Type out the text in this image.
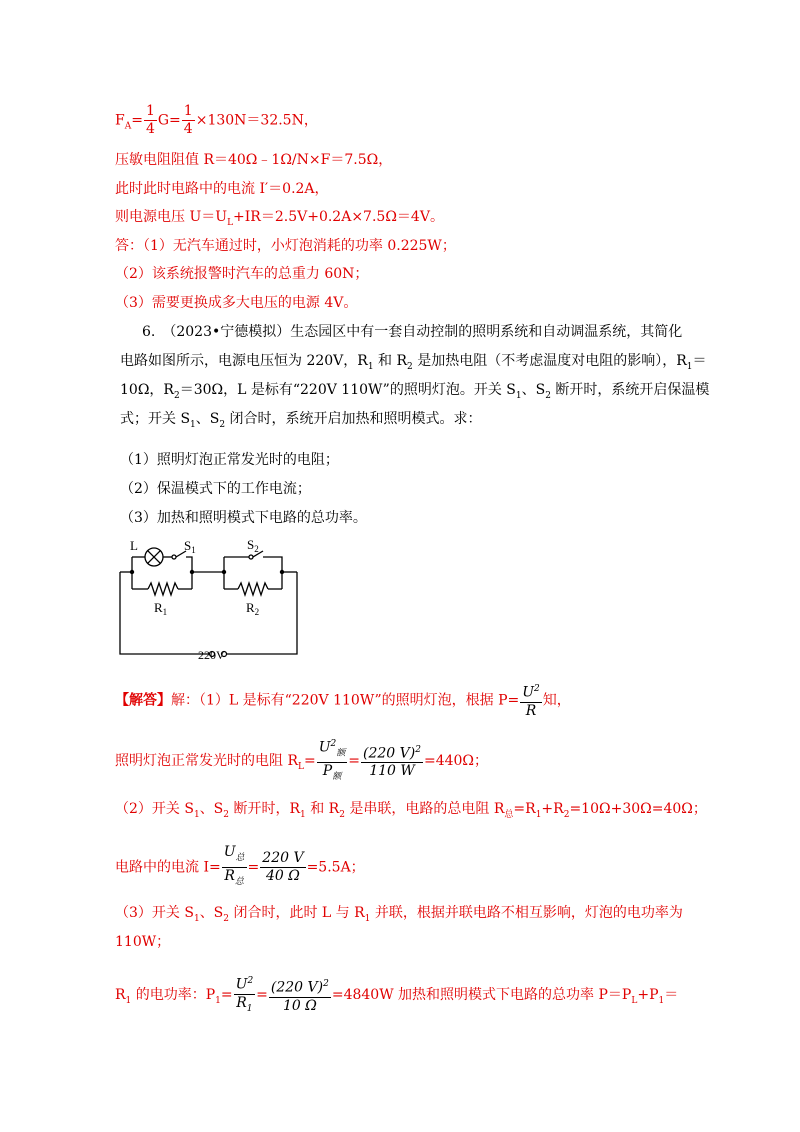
$F_A= \frac{1}{4} G= \frac{1}{4} \times 130N=32.5N$，
压敏电阻阻值 R＝40Ω﹣1Ω/N×F＝7.5Ω，
此时此时电路中的电流 I′＝0.2A，
则电源电压 $U=U_L+IR=2.5V+0.2A\times 7.5\Omega=4V$。
答：（1）无汽车通过时，小灯泡消耗的功率 0.225W；
（2）该系统报警时汽车的总重力 60N；
（3）需要更换成多大电压的电源 4V。
6.　（2023•宁德模拟）生态园区中有一套自动控制的照明系统和自动调温系统，其简化
电路如图所示，电源电压恒为 220V，$R_1$ 和 $R_2$ 是加热电阻（不考虑温度对电阻的影响），$R_1=$
10Ω，$R_2=30\Omega$，L 是标有“220V 110W”的照明灯泡。开关 $S_1$、$S_2$ 断开时，系统开启保温模
式；开关 $S_1$、$S_2$ 闭合时，系统开启加热和照明模式。求：
（1）照明灯泡正常发光时的电阻；
（2）保温模式下的工作电流；
（3）加热和照明模式下电路的总功率。
L	$S_1$	$S_2$
$R_1$	$R_2$
220V
【解答】解：（1）L 是标有“220V 110W”的照明灯泡，根据 $P= \frac{U^2}{R}$ 知，
照明灯泡正常发光时的电阻 $R_L= \frac{U^2_额}{P_额} = \frac{(220 V)^2}{110 W} =440\Omega$；
（2）开关 $S_1$、$S_2$ 断开时，$R_1$ 和 $R_2$ 是串联，电路的总电阻 $R_总=R_1+R_2=10\Omega+30\Omega=40\Omega$；
电路中的电流 $I= \frac{U_总}{R_总} = \frac{220 V}{40 \Omega} =5.5A$；
（3）开关 $S_1$、$S_2$ 闭合时，此时 L 与 $R_1$ 并联，根据并联电路不相互影响，灯泡的电功率为
110W；
$R_1$ 的电功率：$P_1= \frac{U^2}{R_1} = \frac{(220 V)^2}{10 \Omega} =4840W$ 加热和照明模式下电路的总功率 $P=P_L+P_1=$
